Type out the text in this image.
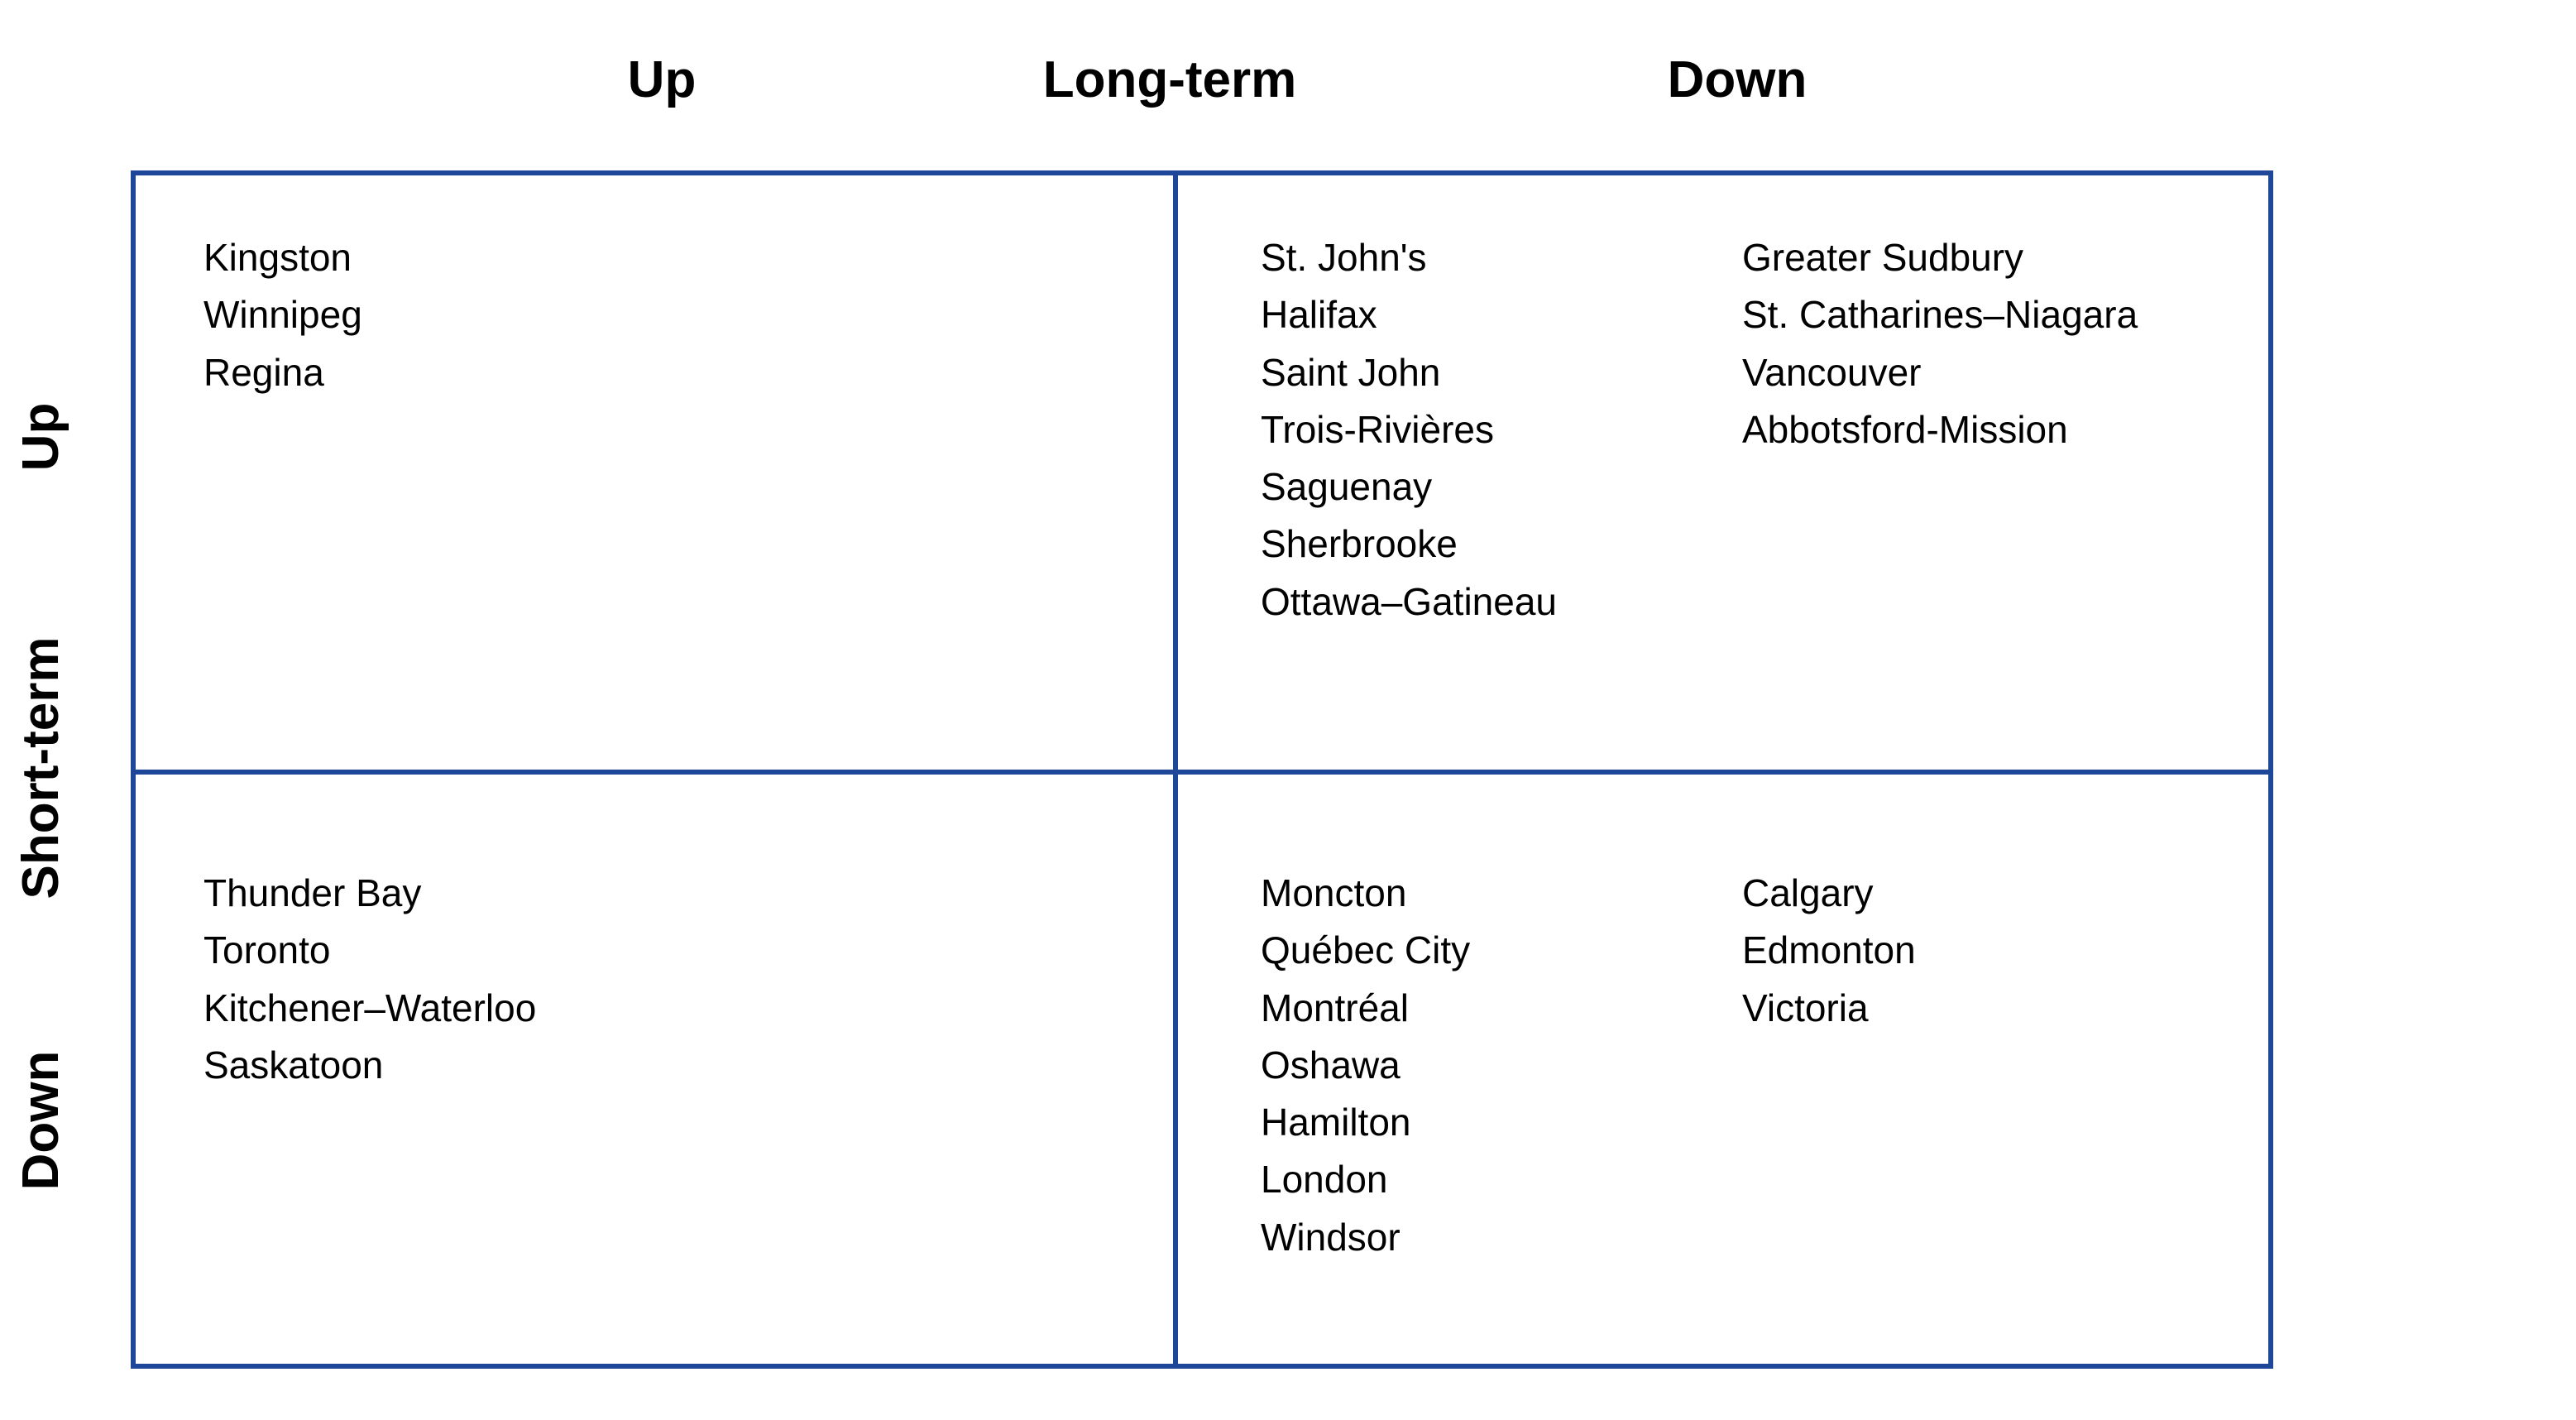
Up	Long-term	Down
Up
Short-term
Down
Kingston
Winnipeg
Regina
St. John's
Halifax
Saint John
Trois-Rivières
Saguenay
Sherbrooke
Ottawa–Gatineau
Greater Sudbury
St. Catharines–Niagara
Vancouver
Abbotsford-Mission
Thunder Bay
Toronto
Kitchener–Waterloo
Saskatoon
Moncton
Québec City
Montréal
Oshawa
Hamilton
London
Windsor
Calgary
Edmonton
Victoria
